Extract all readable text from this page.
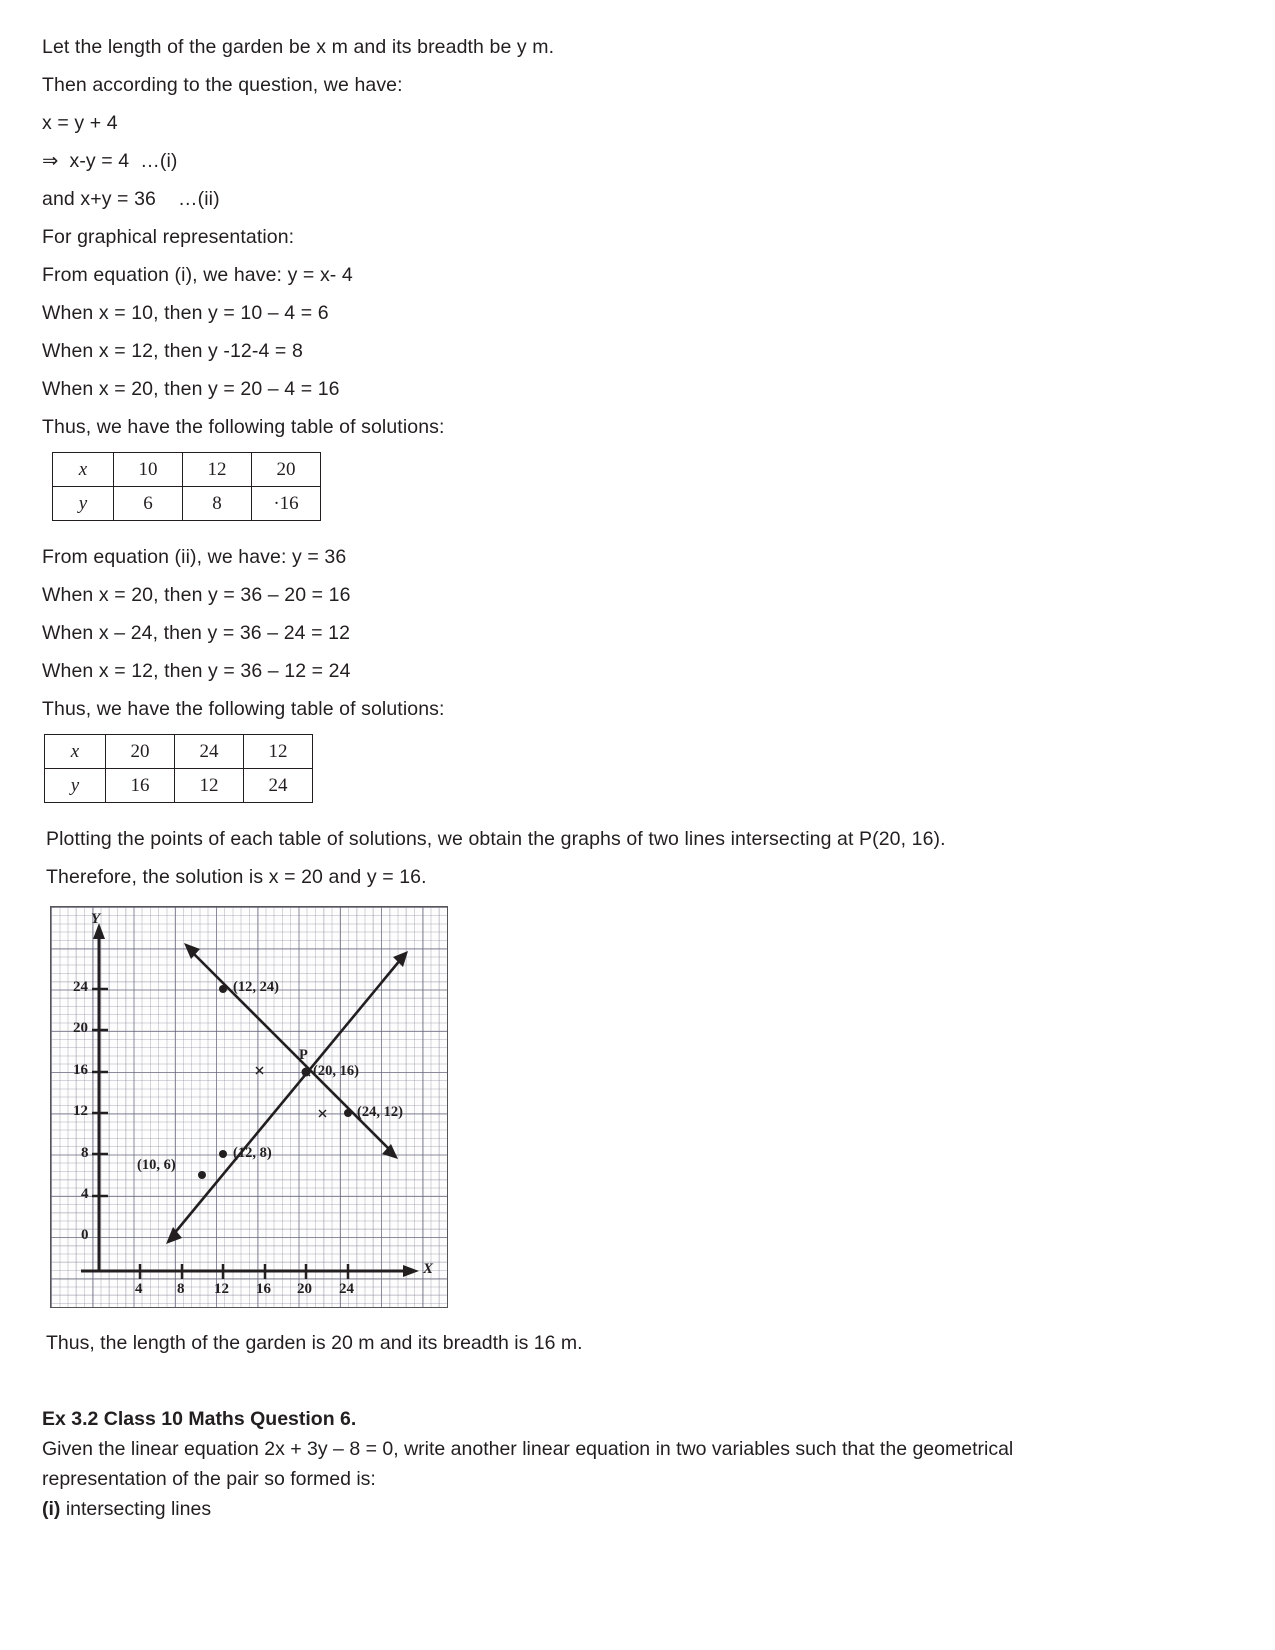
Let the length of the garden be x m and its breadth be y m.
Then according to the question, we have:
x = y + 4
⇒  x-y = 4  …(i)
and x+y = 36    …(ii)
For graphical representation:
From equation (i), we have: y = x- 4
When x = 10, then y = 10 – 4 = 6
When x = 12, then y -12-4 = 8
When x = 20, then y = 20 – 4 = 16
Thus, we have the following table of solutions:
x	10	12	20
y	6	8	·16
From equation (ii), we have: y = 36
When x = 20, then y = 36 – 20 = 16
When x – 24, then y = 36 – 24 = 12
When x = 12, then y = 36 – 12 = 24
Thus, we have the following table of solutions:
x	20	24	12
y	16	12	24
Plotting the points of each table of solutions, we obtain the graphs of two lines intersecting at P(20, 16).
Therefore, the solution is x = 20 and y = 16.
24
20
16
12
8
4
0
4 8 12 16 20 24
Y
X
(12, 24)
P
(20, 16)
(24, 12)
(12, 8)
(10, 6)
Thus, the length of the garden is 20 m and its breadth is 16 m.
Ex 3.2 Class 10 Maths Question 6.
Given the linear equation 2x + 3y – 8 = 0, write another linear equation in two variables such that the geometrical
representation of the pair so formed is:
(i) intersecting lines
